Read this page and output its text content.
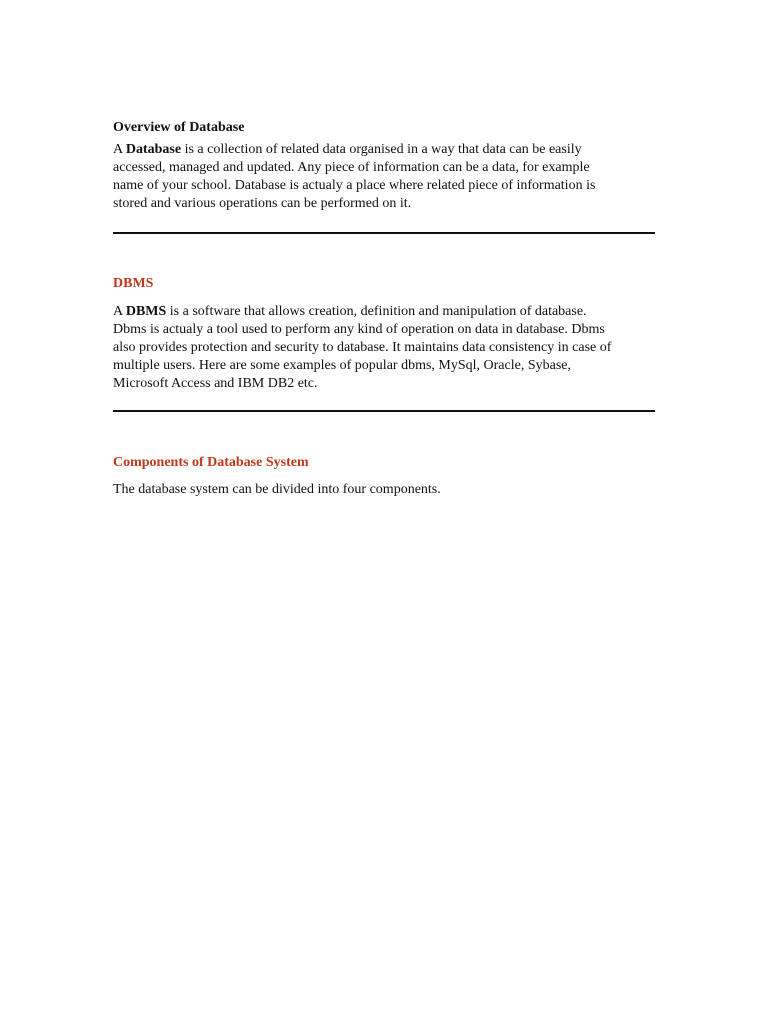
Overview of Database
A Database is a collection of related data organised in a way that data can be easily
accessed, managed and updated. Any piece of information can be a data, for example
name of your school. Database is actualy a place where related piece of information is
stored and various operations can be performed on it.
DBMS
A DBMS is a software that allows creation, definition and manipulation of database.
Dbms is actualy a tool used to perform any kind of operation on data in database. Dbms
also provides protection and security to database. It maintains data consistency in case of
multiple users. Here are some examples of popular dbms, MySql, Oracle, Sybase,
Microsoft Access and IBM DB2 etc.
Components of Database System
The database system can be divided into four components.
